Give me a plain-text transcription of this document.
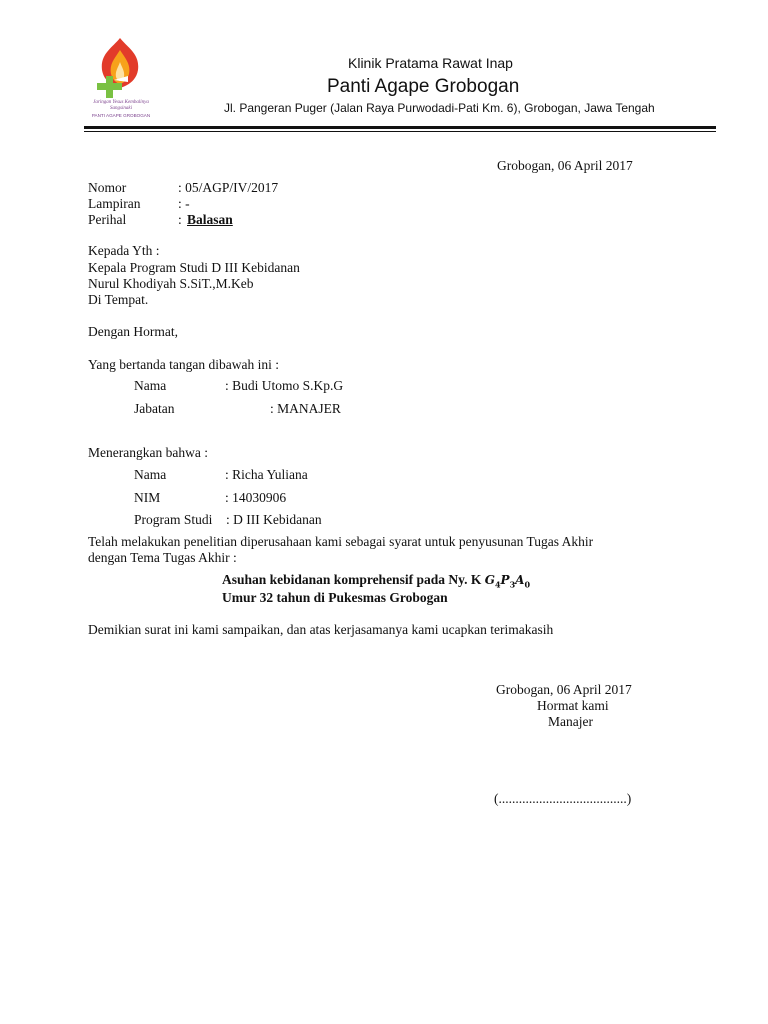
Jaringan Yesus Kembalinya Sangsinaki
PANTI AGAPE GROBOGAN
Klinik Pratama Rawat Inap
Panti Agape Grobogan
Jl. Pangeran Puger (Jalan Raya Purwodadi-Pati Km. 6), Grobogan, Jawa Tengah
Grobogan, 06 April 2017
Nomor	: 05/AGP/IV/2017
Lampiran	: -
Perihal	: Balasan
Kepada Yth :
Kepala Program Studi D III Kebidanan
Nurul Khodiyah S.SiT.,M.Keb
Di Tempat.
Dengan Hormat,
Yang bertanda tangan dibawah ini :
Nama	: Budi Utomo S.Kp.G
Jabatan	: MANAJER
Menerangkan bahwa :
Nama	: Richa Yuliana
NIM	: 14030906
Program Studi : D III Kebidanan
Telah melakukan penelitian diperusahaan kami sebagai syarat untuk penyusunan Tugas Akhir
dengan Tema Tugas Akhir :
Asuhan kebidanan komprehensif pada Ny. K $G_4P_3A_0$
Umur 32 tahun di Pukesmas Grobogan
Demikian surat ini kami sampaikan, dan atas kerjasamanya kami ucapkan terimakasih
Grobogan, 06 April 2017
Hormat kami
Manajer
(......................................)
